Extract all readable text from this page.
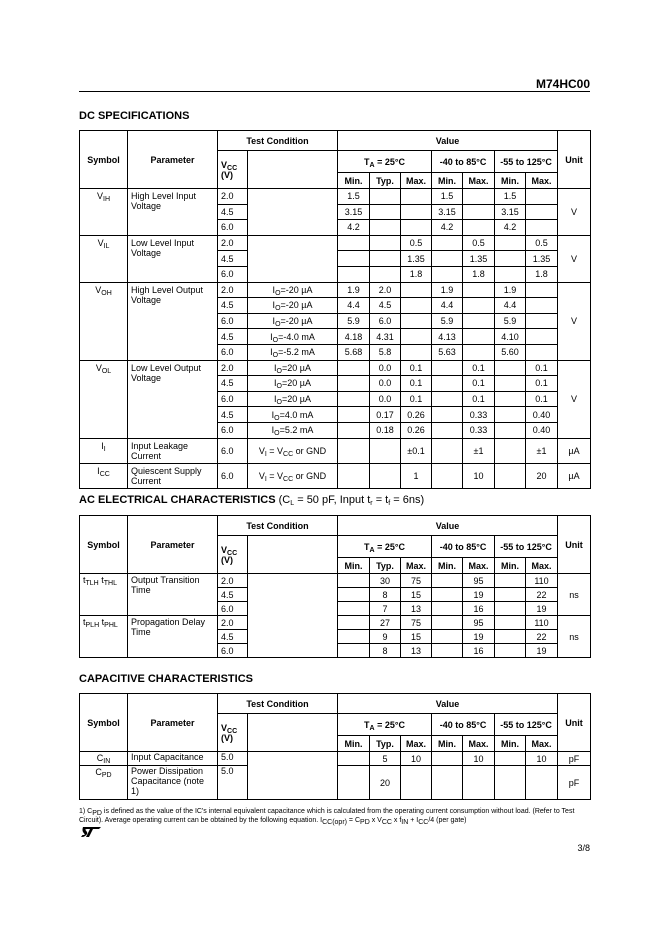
M74HC00
DC SPECIFICATIONS
Symbol	Parameter	Test Condition		Value							Unit
		$V_{CC}$
(V)		$T_A = 25^\circ C$			-40 to 85°C		-55 to 125°C		
				Min.	Typ.	Max.	Min.	Max.	Min.	Max.	
$V_{IH}$	High Level Input Voltage	2.0		1.5			1.5		1.5		V
		4.5		3.15			3.15		3.15		
		6.0		4.2			4.2		4.2		
$V_{IL}$	Low Level Input Voltage	2.0				0.5		0.5		0.5	V
		4.5				1.35		1.35		1.35	
		6.0				1.8		1.8		1.8	
$V_{OH}$	High Level Output Voltage	2.0	$I_O=-20$ µA	1.9	2.0		1.9		1.9		V
		4.5	$I_O=-20$ µA	4.4	4.5		4.4		4.4		
		6.0	$I_O=-20$ µA	5.9	6.0		5.9		5.9		
		4.5	$I_O=-4.0$ mA	4.18	4.31		4.13		4.10		
		6.0	$I_O=-5.2$ mA	5.68	5.8		5.63		5.60		
$V_{OL}$	Low Level Output Voltage	2.0	$I_O=20$ µA		0.0	0.1		0.1		0.1	V
		4.5	$I_O=20$ µA		0.0	0.1		0.1		0.1	
		6.0	$I_O=20$ µA		0.0	0.1		0.1		0.1	
		4.5	$I_O=4.0$ mA		0.17	0.26		0.33		0.40	
		6.0	$I_O=5.2$ mA		0.18	0.26		0.33		0.40	
$I_I$	Input Leakage Current	6.0	$V_I = V_{CC}$ or GND			±0.1		±1		±1	µA
$I_{CC}$	Quiescent Supply Current	6.0	$V_I = V_{CC}$ or GND			1		10		20	µA
AC ELECTRICAL CHARACTERISTICS ($C_L = 50$ pF, Input $t_r = t_f = 6ns$)
Symbol	Parameter	Test Condition		Value							Unit
		$V_{CC}$
(V)		$T_A = 25^\circ C$			-40 to 85°C		-55 to 125°C		
				Min.	Typ.	Max.	Min.	Max.	Min.	Max.	
$t_{TLH}$ $t_{THL}$	Output Transition Time	2.0			30	75		95		110	ns
		4.5			8	15		19		22	
		6.0			7	13		16		19	
$t_{PLH}$ $t_{PHL}$	Propagation Delay Time	2.0			27	75		95		110	ns
		4.5			9	15		19		22	
		6.0			8	13		16		19	
CAPACITIVE CHARACTERISTICS
Symbol	Parameter	Test Condition		Value							Unit
		$V_{CC}$
(V)		$T_A = 25^\circ C$			-40 to 85°C		-55 to 125°C		
				Min.	Typ.	Max.	Min.	Max.	Min.	Max.	
$C_{IN}$	Input Capacitance	5.0			5	10		10		10	pF
$C_{PD}$	Power Dissipation Capacitance (note 1)	5.0			20						pF
1) $C_{PD}$ is defined as the value of the IC's internal equivalent capacitance which is calculated from the operating current consumption without load. (Refer to Test Circuit). Average operating current can be obtained by the following equation. $I_{CC(opr)} = C_{PD}$ x $V_{CC}$ x $f_{IN} + I_{CC}/4$ (per gate)
3/8
